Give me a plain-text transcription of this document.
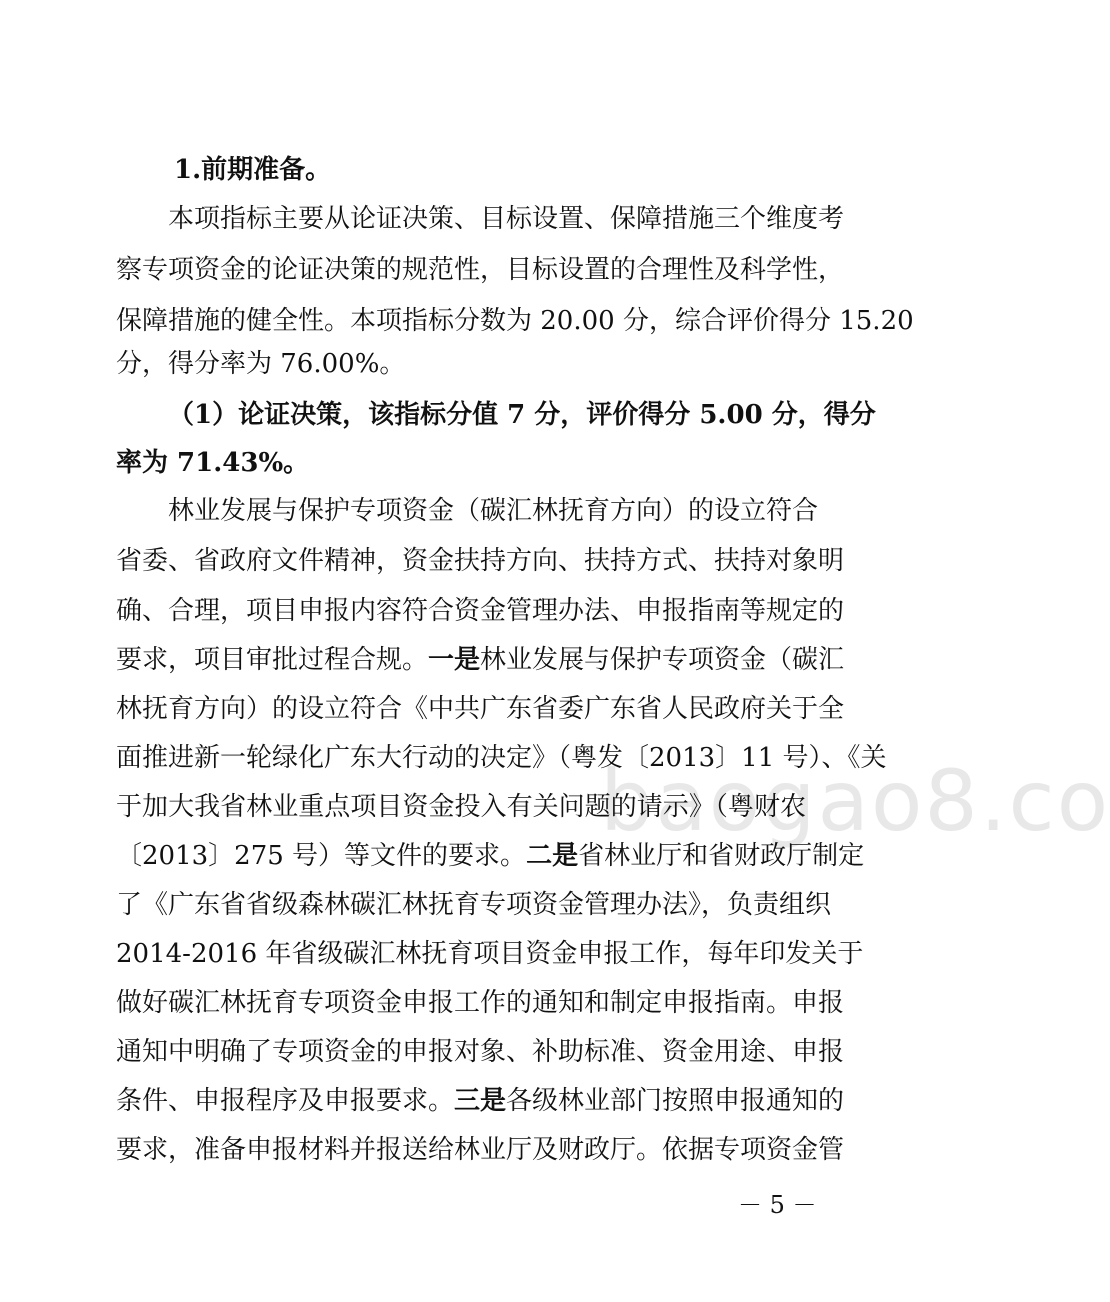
baogao8.co
1.前期准备。
本项指标主要从论证决策、目标设置、保障措施三个维度考
察专项资金的论证决策的规范性，目标设置的合理性及科学性，
保障措施的健全性。本项指标分数为 20.00 分，综合评价得分 15.20
分，得分率为 76.00%。
（1）论证决策，该指标分值 7 分，评价得分 5.00 分，得分
率为 71.43%。
林业发展与保护专项资金（碳汇林抚育方向）的设立符合
省委、省政府文件精神，资金扶持方向、扶持方式、扶持对象明
确、合理，项目申报内容符合资金管理办法、申报指南等规定的
要求，项目审批过程合规。一是林业发展与保护专项资金（碳汇
林抚育方向）的设立符合《中共广东省委广东省人民政府关于全
面推进新一轮绿化广东大行动的决定》（粤发〔2013〕11 号）、《关
于加大我省林业重点项目资金投入有关问题的请示》（粤财农
〔2013〕275 号）等文件的要求。二是省林业厅和省财政厅制定
了《广东省省级森林碳汇林抚育专项资金管理办法》，负责组织
2014-2016 年省级碳汇林抚育项目资金申报工作，每年印发关于
做好碳汇林抚育专项资金申报工作的通知和制定申报指南。申报
通知中明确了专项资金的申报对象、补助标准、资金用途、申报
条件、申报程序及申报要求。三是各级林业部门按照申报通知的
要求，准备申报材料并报送给林业厅及财政厅。依据专项资金管
－ 5 －
